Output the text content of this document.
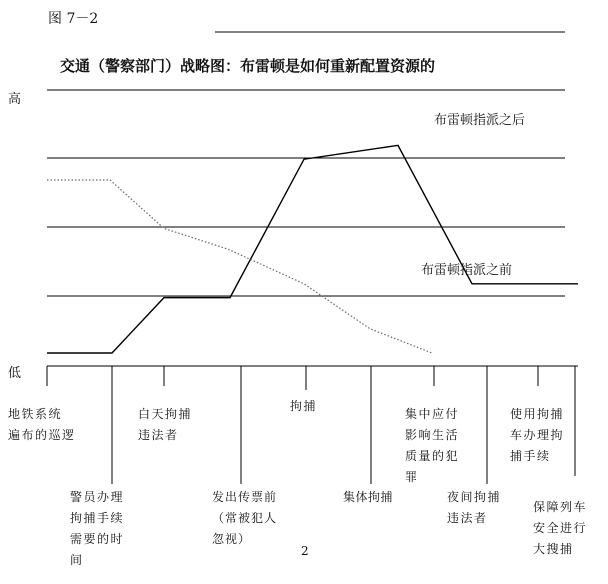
图 7－2
交通（警察部门）战略图：布雷顿是如何重新配置资源的
高
低
布雷顿指派之后
布雷顿指派之前
地铁系统
遍布的巡逻
警员办理
拘捕手续
需要的时
间
白天拘捕
违法者
发出传票前
（常被犯人
忽视）
拘捕
集体拘捕
集中应付
影响生活
质量的犯
罪
夜间拘捕
违法者
使用拘捕
车办理拘
捕手续
保障列车
安全进行
大搜捕
2
